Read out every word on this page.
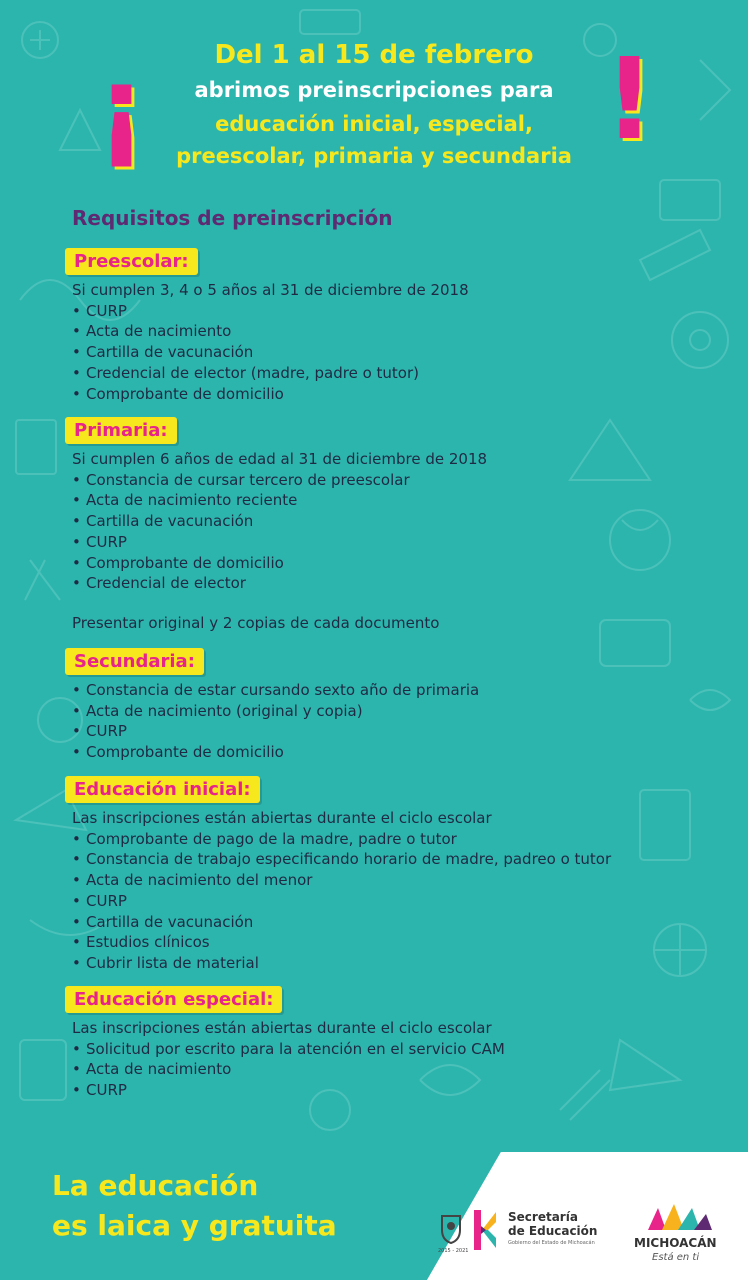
¡	!
Del 1 al 15 de febrero
abrimos preinscripciones para
educación inicial, especial,
preescolar, primaria y secundaria
Requisitos de preinscripción
Preescolar:
Si cumplen 3, 4 o 5 años al 31 de diciembre de 2018
• CURP
• Acta de nacimiento
• Cartilla de vacunación
• Credencial de elector (madre, padre o tutor)
• Comprobante de domicilio
Primaria:
Si cumplen 6 años de edad al 31 de diciembre de 2018
• Constancia de cursar tercero de preescolar
• Acta de nacimiento reciente
• Cartilla de vacunación
• CURP
• Comprobante de domicilio
• Credencial de elector
Presentar original y 2 copias de cada documento
Secundaria:
• Constancia de estar cursando sexto año de primaria
• Acta de nacimiento (original y copia)
• CURP
• Comprobante de domicilio
Educación inicial:
Las inscripciones están abiertas durante el ciclo escolar
• Comprobante de pago de la madre, padre o tutor
• Constancia de trabajo especificando horario de madre, padreo o tutor
• Acta de nacimiento del menor
• CURP
• Cartilla de vacunación
• Estudios clínicos
• Cubrir lista de material
Educación especial:
Las inscripciones están abiertas durante el ciclo escolar
• Solicitud por escrito para la atención en el servicio CAM
• Acta de nacimiento
• CURP
La educación
es laica y gratuita
2015 - 2021
Secretaría
de Educación
Gobierno del Estado de Michoacán	MICHOACÁN
Está en ti
